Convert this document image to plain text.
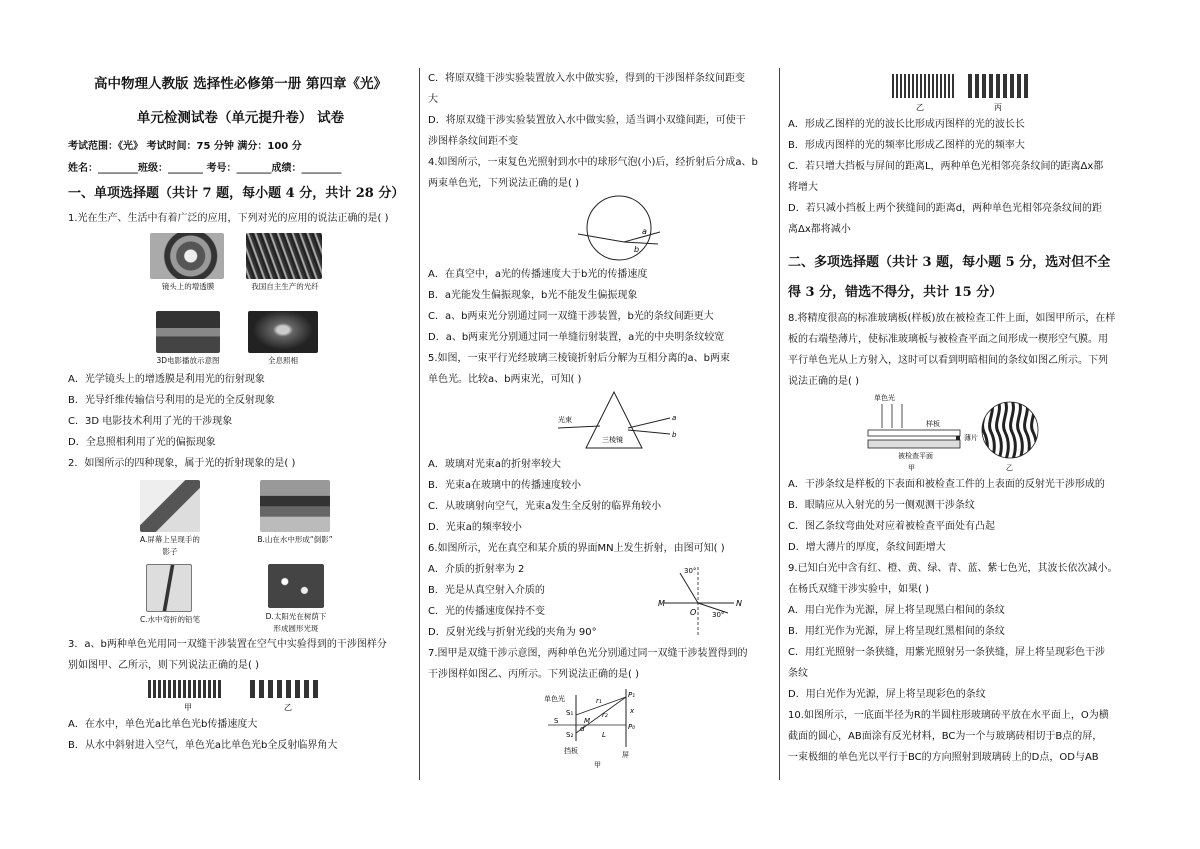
高中物理人教版 选择性必修第一册 第四章《光》
单元检测试卷（单元提升卷） 试卷
考试范围：《光》 考试时间：75 分钟 满分：100 分
姓名：________班级：_______ 考号：_______成绩：________
一、单项选择题（共计 7 题，每小题 4 分，共计 28 分）
1.光在生产、生活中有着广泛的应用，下列对光的应用的说法正确的是( )
镜头上的增透膜	我国自主生产的光纤
3D电影播放示意图	全息照相
A．光学镜头上的增透膜是利用光的衍射现象
B．光导纤维传输信号利用的是光的全反射现象
C．3D 电影技术利用了光的干涉现象
D．全息照相利用了光的偏振现象
2．如图所示的四种现象，属于光的折射现象的是( )
A.屏幕上呈现手的
影子
B.山在水中形成“倒影”
C.水中弯折的铅笔	D.太阳光在树荫下
形成圆形光斑
3．a、b两种单色光用同一双缝干涉装置在空气中实验得到的干涉图样分
别如图甲、乙所示，则下列说法正确的是( )
甲	乙
A．在水中，单色光a比单色光b传播速度大
B．从水中斜射进入空气，单色光a比单色光b全反射临界角大
C．将原双缝干涉实验装置放入水中做实验，得到的干涉图样条纹间距变
大
D．将原双缝干涉实验装置放入水中做实验，适当调小双缝间距，可使干
涉图样条纹间距不变
4.如图所示，一束复色光照射到水中的球形气泡(小)后，经折射后分成a、b
两束单色光，下列说法正确的是( )
a
b
A．在真空中，a光的传播速度大于b光的传播速度
B．a光能发生偏振现象，b光不能发生偏振现象
C．a、b两束光分别通过同一双缝干涉装置，b光的条纹间距更大
D．a、b两束光分别通过同一单缝衍射装置，a光的中央明条纹较宽
5.如图，一束平行光经玻璃三棱镜折射后分解为互相分离的a、b两束
单色光。比较a、b两束光，可知( )
光束
三棱镜
a
b
A．玻璃对光束a的折射率较大
B．光束a在玻璃中的传播速度较小
C．从玻璃射向空气，光束a发生全反射的临界角较小
D．光束a的频率较小
6.如图所示，光在真空和某介质的界面MN上发生折射，由图可知( )
30°
M
O 30°
N
A．介质的折射率为 2
B．光是从真空射入介质的
C．光的传播速度保持不变
D．反射光线与折射光线的夹角为 90°
7.图甲是双缝干涉示意图，两种单色光分别通过同一双缝干涉装置得到的
干涉图样如图乙、丙所示。下列说法正确的是( )
单色光
S₁
S
S₂
d
r₁
r₂
P₁
x
P₀
M
L
挡板	屏
甲
乙	丙
A．形成乙图样的光的波长比形成丙图样的光的波长长
B．形成丙图样的光的频率比形成乙图样的光的频率大
C．若只增大挡板与屏间的距离L，两种单色光相邻亮条纹间的距离Δx都
将增大
D．若只减小挡板上两个狭缝间的距离d，两种单色光相邻亮条纹间的距
离Δx都将减小
二、多项选择题（共计 3 题，每小题 5 分，选对但不全
得 3 分，错选不得分，共计 15 分）
8.将精度很高的标准玻璃板(样板)放在被检查工件上面，如图甲所示，在样
板的右端垫薄片，使标准玻璃板与被检查平面之间形成一楔形空气膜。用
平行单色光从上方射入，这时可以看到明暗相间的条纹如图乙所示。下列
说法正确的是( )
单色光
样板
薄片
被检查平面
甲	乙
A．干涉条纹是样板的下表面和被检查工件的上表面的反射光干涉形成的
B．眼睛应从入射光的另一侧观测干涉条纹
C．图乙条纹弯曲处对应着被检查平面处有凸起
D．增大薄片的厚度，条纹间距增大
9.已知白光中含有红、橙、黄、绿、青、蓝、紫七色光，其波长依次减小。
在杨氏双缝干涉实验中，如果( )
A．用白光作为光源，屏上将呈现黑白相间的条纹
B．用红光作为光源，屏上将呈现红黑相间的条纹
C．用红光照射一条狭缝，用紫光照射另一条狭缝，屏上将呈现彩色干涉
条纹
D．用白光作为光源，屏上将呈现彩色的条纹
10.如图所示，一底面半径为R的半圆柱形玻璃砖平放在水平面上，O为横
截面的圆心，AB面涂有反光材料，BC为一个与玻璃砖相切于B点的屏，
一束极细的单色光以平行于BC的方向照射到玻璃砖上的D点，OD与AB
